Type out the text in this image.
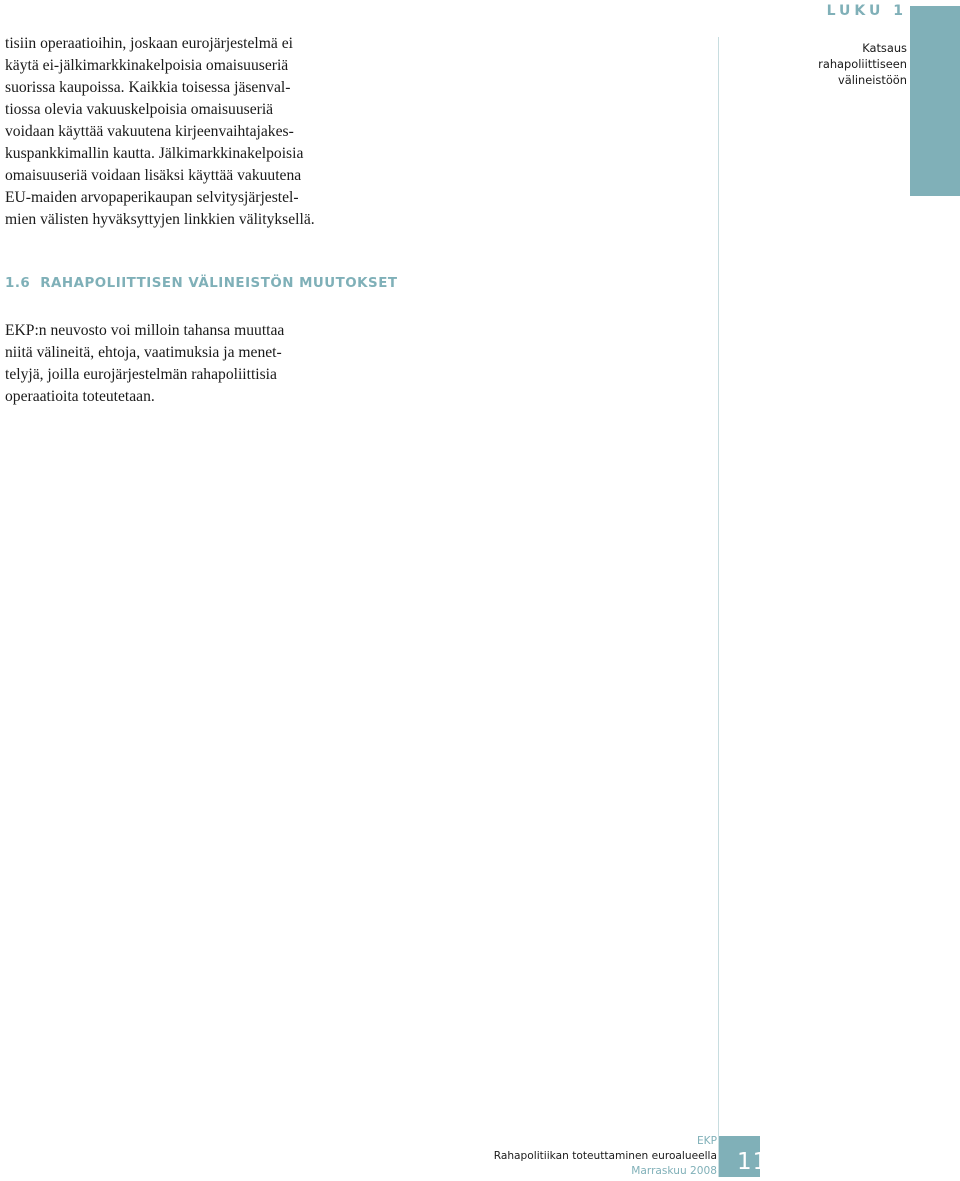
LUKU 1
Katsaus
rahapoliittiseen
välineistöön

tisiin operaatioihin, joskaan eurojärjestelmä ei
käytä ei-jälkimarkkinakelpoisia omaisuuseriä
suorissa kaupoissa. Kaikkia toisessa jäsenval-
tiossa olevia vakuuskelpoisia omaisuuseriä
voidaan käyttää vakuutena kirjeenvaihtajakes-
kuspankkimallin kautta. Jälkimarkkinakelpoisia
omaisuuseriä voidaan lisäksi käyttää vakuutena
EU-maiden arvopaperikaupan selvitysjärjestel-
mien välisten hyväksyttyjen linkkien välityksellä.

1.6 RAHAPOLIITTISEN VÄLINEISTÖN MUUTOKSET

EKP:n neuvosto voi milloin tahansa muuttaa
niitä välineitä, ehtoja, vaatimuksia ja menet-
telyjä, joilla eurojärjestelmän rahapoliittisia
operaatioita toteutetaan.

EKP
Rahapolitiikan toteuttaminen euroalueella
Marraskuu 2008 11
